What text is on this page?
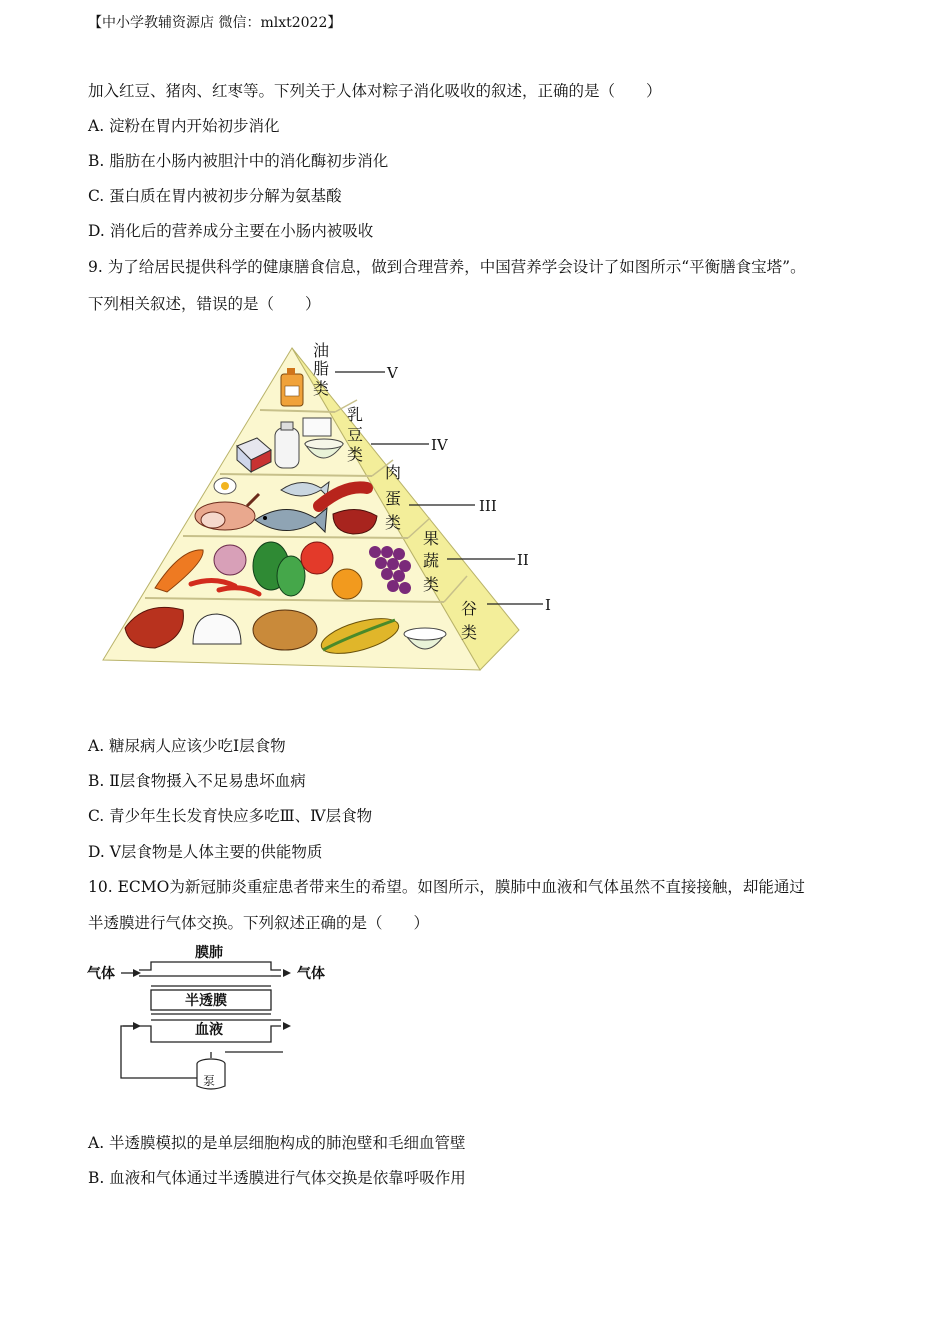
【中小学教辅资源店 微信：mlxt2022】
加入红豆、猪肉、红枣等。下列关于人体对粽子消化吸收的叙述，正确的是（　　）
A. 淀粉在胃内开始初步消化
B. 脂肪在小肠内被胆汁中的消化酶初步消化
C. 蛋白质在胃内被初步分解为氨基酸
D. 消化后的营养成分主要在小肠内被吸收
9. 为了给居民提供科学的健康膳食信息，做到合理营养，中国营养学会设计了如图所示“平衡膳食宝塔”。
下列相关叙述，错误的是（　　）
油
脂
类
乳
豆
类
肉
蛋
类
果
蔬
类
谷
类
V
IV
III
II
I
A. 糖尿病人应该少吃Ⅰ层食物
B. Ⅱ层食物摄入不足易患坏血病
C. 青少年生长发育快应多吃Ⅲ、Ⅳ层食物
D. Ⅴ层食物是人体主要的供能物质
10. ECMO为新冠肺炎重症患者带来生的希望。如图所示，膜肺中血液和气体虽然不直接接触，却能通过
半透膜进行气体交换。下列叙述正确的是（　　）
膜肺
气体	气体
半透膜
血液
泵
A. 半透膜模拟的是单层细胞构成的肺泡壁和毛细血管壁
B. 血液和气体通过半透膜进行气体交换是依靠呼吸作用
